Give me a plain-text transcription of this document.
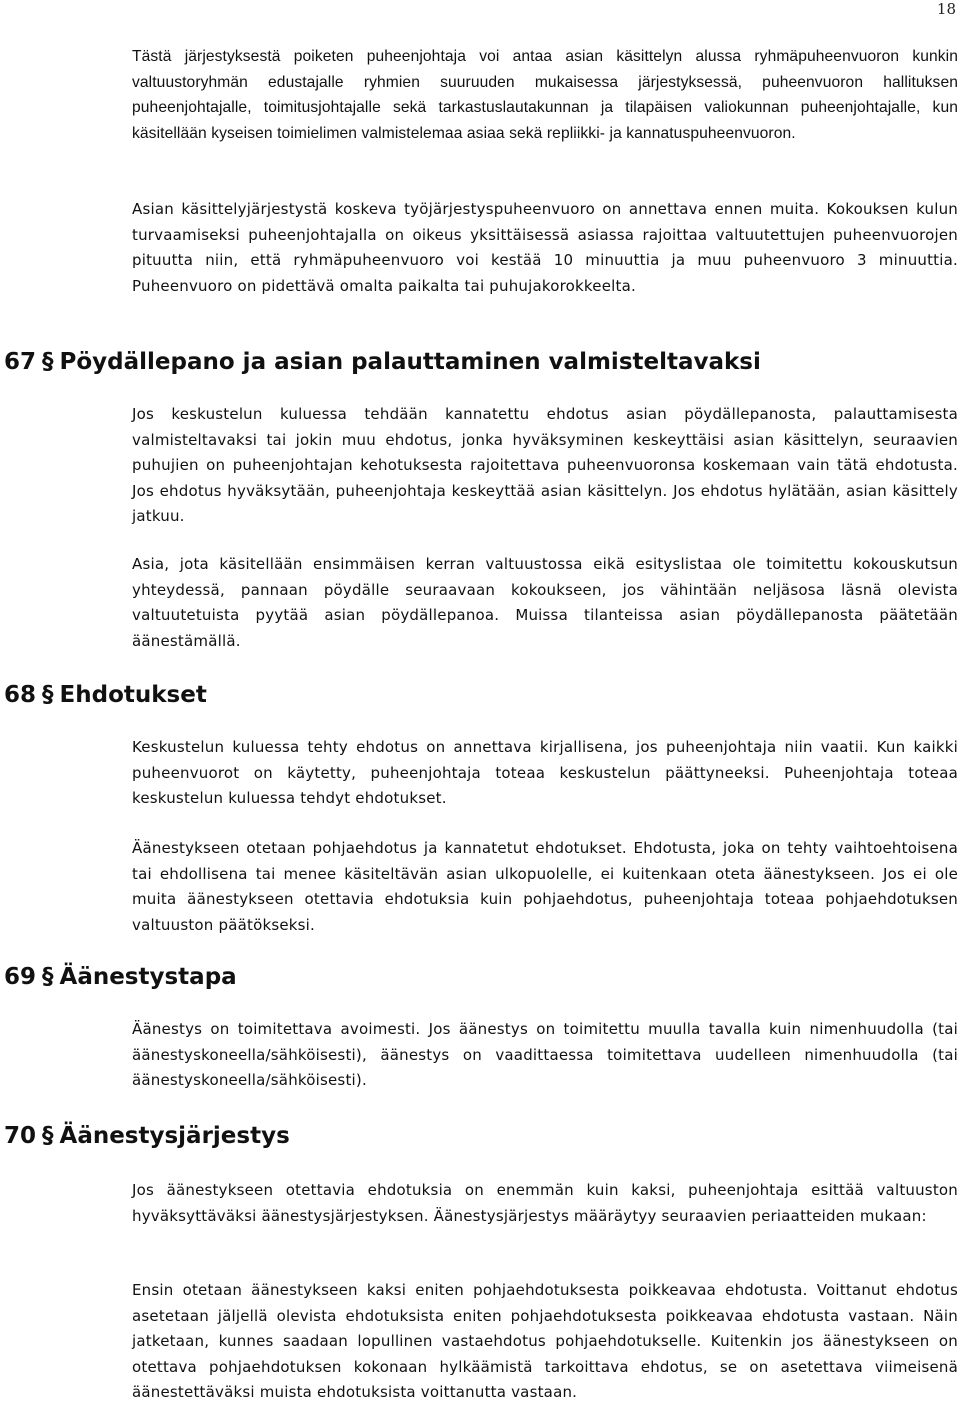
18

Tästä järjestyksestä poiketen puheenjohtaja voi antaa asian käsittelyn alussa ryhmäpuheenvuoron kunkin valtuustoryhmän edustajalle ryhmien suuruuden mukaisessa järjestyksessä, puheenvuoron hallituksen puheenjohtajalle, toimitusjohtajalle sekä tarkastuslautakunnan ja tilapäisen valiokunnan puheenjohtajalle, kun käsitellään kyseisen toimielimen valmistelemaa asiaa sekä repliikki- ja kannatuspuheenvuoron.

Asian käsittelyjärjestystä koskeva työjärjestyspuheenvuoro on annettava ennen muita. Kokouksen kulun turvaamiseksi puheenjohtajalla on oikeus yksittäisessä asiassa rajoittaa valtuutettujen puheenvuorojen pituutta niin, että ryhmäpuheenvuoro voi kestää 10 minuuttia ja muu puheenvuoro 3 minuuttia. Puheenvuoro on pidettävä omalta paikalta tai puhujakorokkeelta.

67 § Pöydällepano ja asian palauttaminen valmisteltavaksi

Jos keskustelun kuluessa tehdään kannatettu ehdotus asian pöydällepanosta, palauttamisesta valmisteltavaksi tai jokin muu ehdotus, jonka hyväksyminen keskeyttäisi asian käsittelyn, seuraavien puhujien on puheenjohtajan kehotuksesta rajoitettava puheenvuoronsa koskemaan vain tätä ehdotusta. Jos ehdotus hyväksytään, puheenjohtaja keskeyttää asian käsittelyn. Jos ehdotus hylätään, asian käsittely jatkuu.

Asia, jota käsitellään ensimmäisen kerran valtuustossa eikä esityslistaa ole toimitettu kokouskutsun yhteydessä, pannaan pöydälle seuraavaan kokoukseen, jos vähintään neljäsosa läsnä olevista valtuutetuista pyytää asian pöydällepanoa. Muissa tilanteissa asian pöydällepanosta päätetään äänestämällä.

68 § Ehdotukset

Keskustelun kuluessa tehty ehdotus on annettava kirjallisena, jos puheenjohtaja niin vaatii. Kun kaikki puheenvuorot on käytetty, puheenjohtaja toteaa keskustelun päättyneeksi. Puheenjohtaja toteaa keskustelun kuluessa tehdyt ehdotukset.

Äänestykseen otetaan pohjaehdotus ja kannatetut ehdotukset. Ehdotusta, joka on tehty vaihtoehtoisena tai ehdollisena tai menee käsiteltävän asian ulkopuolelle, ei kuitenkaan oteta äänestykseen. Jos ei ole muita äänestykseen otettavia ehdotuksia kuin pohjaehdotus, puheenjohtaja toteaa pohjaehdotuksen valtuuston päätökseksi.

69 § Äänestystapa

Äänestys on toimitettava avoimesti. Jos äänestys on toimitettu muulla tavalla kuin nimenhuudolla (tai äänestyskoneella/sähköisesti), äänestys on vaadittaessa toimitettava uudelleen nimenhuudolla (tai äänestyskoneella/sähköisesti).

70 § Äänestysjärjestys

Jos äänestykseen otettavia ehdotuksia on enemmän kuin kaksi, puheenjohtaja esittää valtuuston hyväksyttäväksi äänestysjärjestyksen. Äänestysjärjestys määräytyy seuraavien periaatteiden mukaan:

Ensin otetaan äänestykseen kaksi eniten pohjaehdotuksesta poikkeavaa ehdotusta. Voittanut ehdotus asetetaan jäljellä olevista ehdotuksista eniten pohjaehdotuksesta poikkeavaa ehdotusta vastaan. Näin jatketaan, kunnes saadaan lopullinen vastaehdotus pohjaehdotukselle. Kuitenkin jos äänestykseen on otettava pohjaehdotuksen kokonaan hylkäämistä tarkoittava ehdotus, se on asetettava viimeisenä äänestettäväksi muista ehdotuksista voittanutta vastaan.
